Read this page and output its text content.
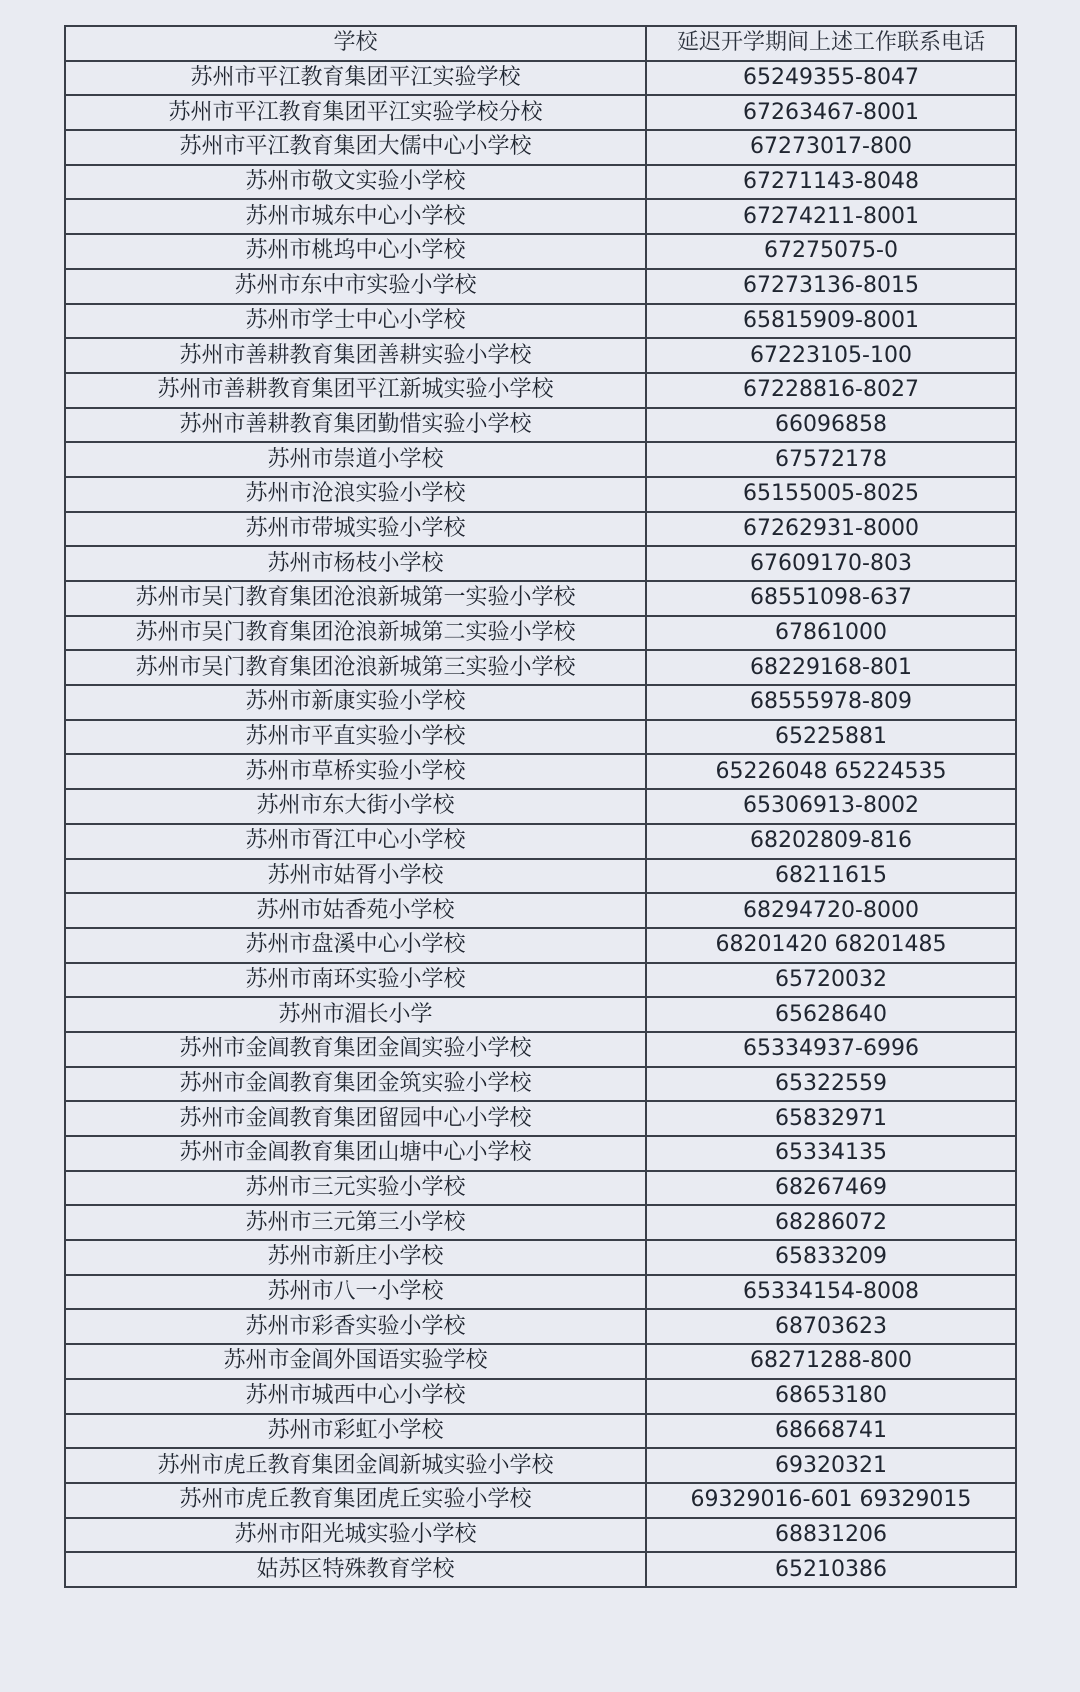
学校	延迟开学期间上述工作联系电话
苏州市平江教育集团平江实验学校	65249355-8047
苏州市平江教育集团平江实验学校分校	67263467-8001
苏州市平江教育集团大儒中心小学校	67273017-800
苏州市敬文实验小学校	67271143-8048
苏州市城东中心小学校	67274211-8001
苏州市桃坞中心小学校	67275075-0
苏州市东中市实验小学校	67273136-8015
苏州市学士中心小学校	65815909-8001
苏州市善耕教育集团善耕实验小学校	67223105-100
苏州市善耕教育集团平江新城实验小学校	67228816-8027
苏州市善耕教育集团勤惜实验小学校	66096858
苏州市崇道小学校	67572178
苏州市沧浪实验小学校	65155005-8025
苏州市带城实验小学校	67262931-8000
苏州市杨枝小学校	67609170-803
苏州市吴门教育集团沧浪新城第一实验小学校	68551098-637
苏州市吴门教育集团沧浪新城第二实验小学校	67861000
苏州市吴门教育集团沧浪新城第三实验小学校	68229168-801
苏州市新康实验小学校	68555978-809
苏州市平直实验小学校	65225881
苏州市草桥实验小学校	65226048 65224535
苏州市东大街小学校	65306913-8002
苏州市胥江中心小学校	68202809-816
苏州市姑胥小学校	68211615
苏州市姑香苑小学校	68294720-8000
苏州市盘溪中心小学校	68201420 68201485
苏州市南环实验小学校	65720032
苏州市湄长小学	65628640
苏州市金阊教育集团金阊实验小学校	65334937-6996
苏州市金阊教育集团金筑实验小学校	65322559
苏州市金阊教育集团留园中心小学校	65832971
苏州市金阊教育集团山塘中心小学校	65334135
苏州市三元实验小学校	68267469
苏州市三元第三小学校	68286072
苏州市新庄小学校	65833209
苏州市八一小学校	65334154-8008
苏州市彩香实验小学校	68703623
苏州市金阊外国语实验学校	68271288-800
苏州市城西中心小学校	68653180
苏州市彩虹小学校	68668741
苏州市虎丘教育集团金阊新城实验小学校	69320321
苏州市虎丘教育集团虎丘实验小学校	69329016-601 69329015
苏州市阳光城实验小学校	68831206
姑苏区特殊教育学校	65210386
